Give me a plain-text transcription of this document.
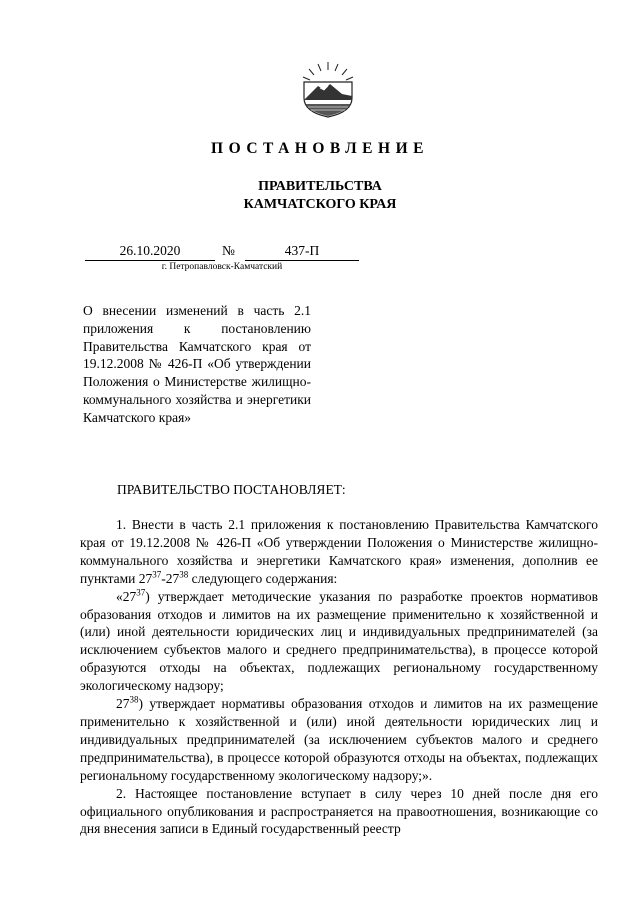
ПОСТАНОВЛЕНИЕ
ПРАВИТЕЛЬСТВА
КАМЧАТСКОГО КРАЯ
26.10.2020	№	437-П
г. Петропавловск-Камчатский
О внесении изменений в часть 2.1 приложения к постановлению Правительства Камчатского края от 19.12.2008 № 426-П «Об утверждении Положения о Министерстве жилищно-коммунального хозяйства и энергетики Камчатского края»
ПРАВИТЕЛЬСТВО ПОСТАНОВЛЯЕТ:

1. Внести в часть 2.1 приложения к постановлению Правительства Камчатского края от 19.12.2008 № 426-П «Об утверждении Положения о Министерстве жилищно-коммунального хозяйства и энергетики Камчатского края» изменения, дополнив ее пунктами $27^{37}-27^{38}$ следующего содержания:

«$27^{37}$) утверждает методические указания по разработке проектов нормативов образования отходов и лимитов на их размещение применительно к хозяйственной и (или) иной деятельности юридических лиц и индивидуальных предпринимателей (за исключением субъектов малого и среднего предпринимательства), в процессе которой образуются отходы на объектах, подлежащих региональному государственному экологическому надзору;

$27^{38}$) утверждает нормативы образования отходов и лимитов на их размещение применительно к хозяйственной и (или) иной деятельности юридических лиц и индивидуальных предпринимателей (за исключением субъектов малого и среднего предпринимательства), в процессе которой образуются отходы на объектах, подлежащих региональному государственному экологическому надзору;».

2. Настоящее постановление вступает в силу через 10 дней после дня его официального опубликования и распространяется на правоотношения, возникающие со дня внесения записи в Единый государственный реестр
